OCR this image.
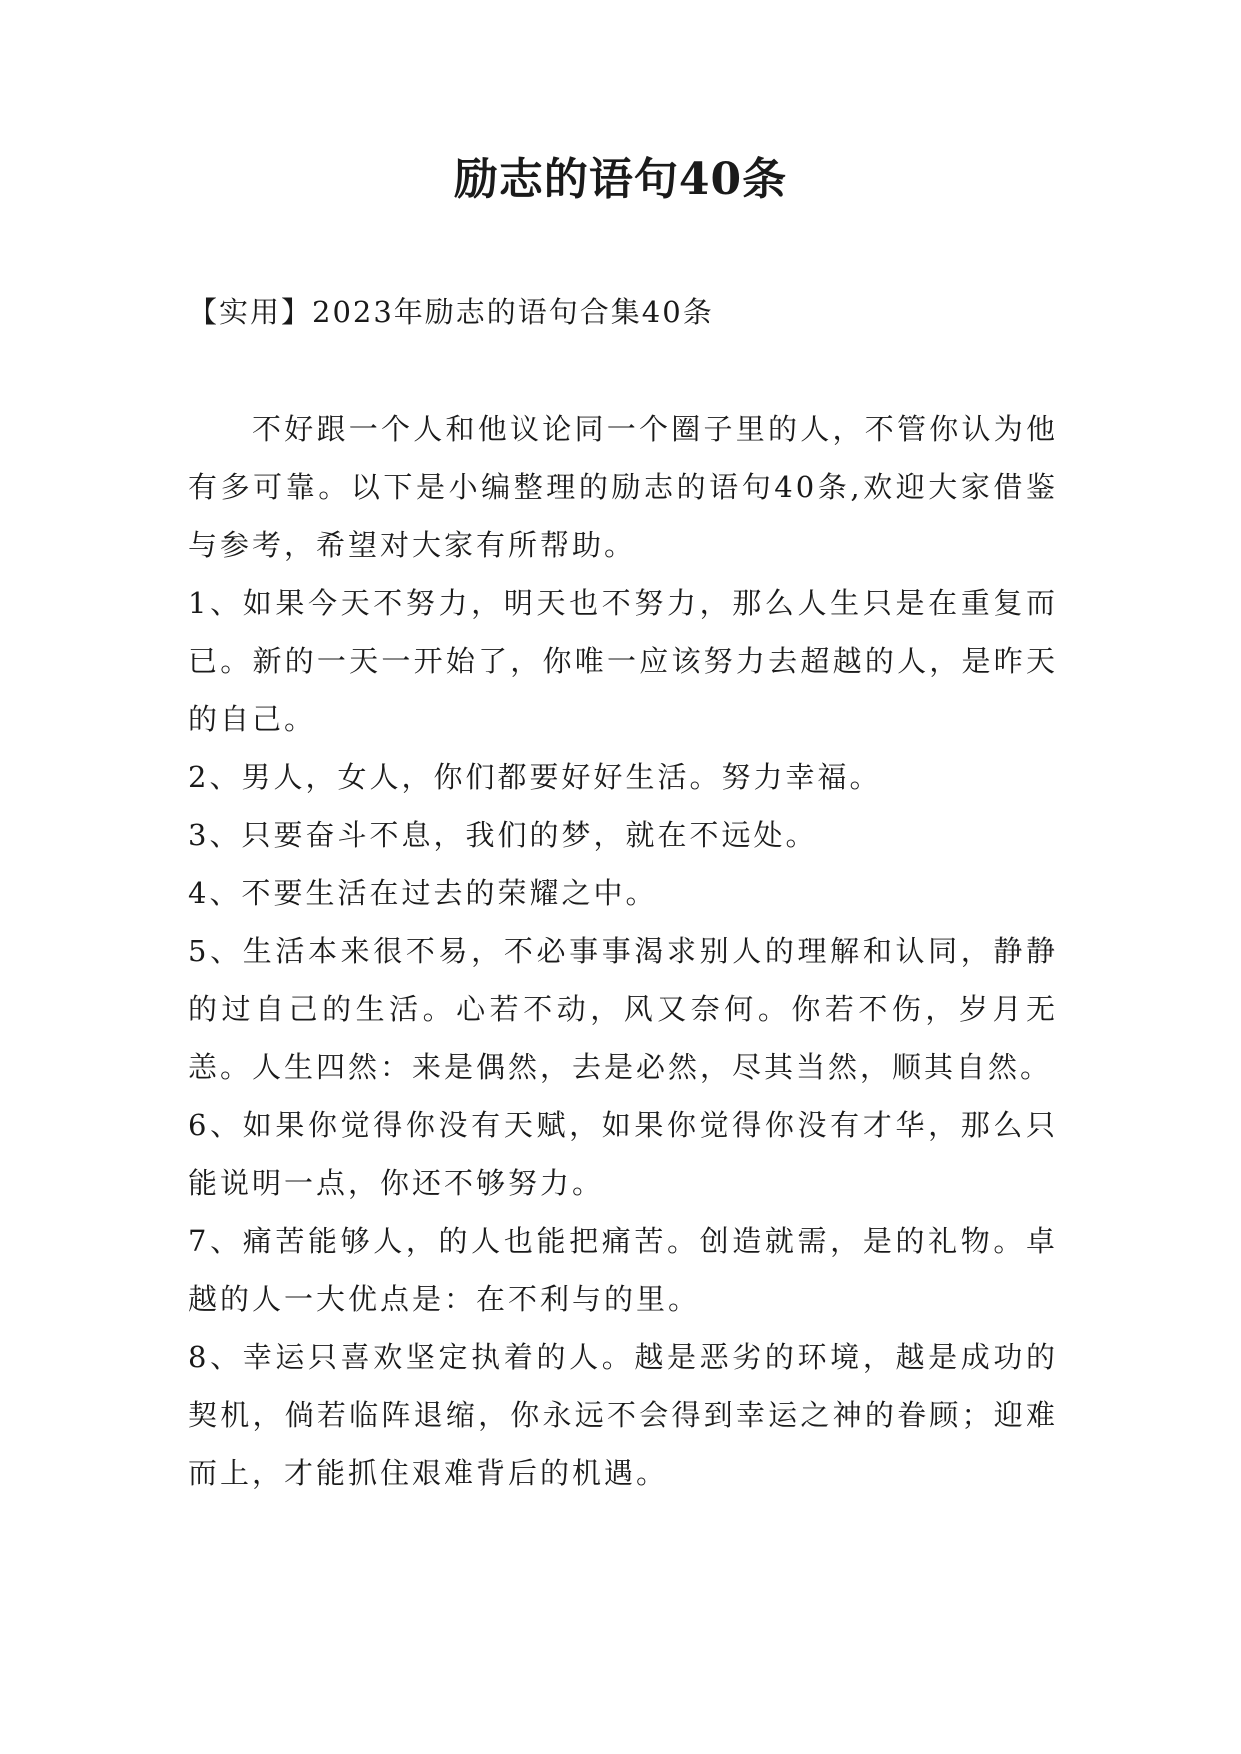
励志的语句40条
【实用】2023年励志的语句合集40条

不好跟一个人和他议论同一个圈子里的人，不管你认为他有多可靠。以下是小编整理的励志的语句40条,欢迎大家借鉴与参考，希望对大家有所帮助。

1、如果今天不努力，明天也不努力，那么人生只是在重复而已。新的一天一开始了，你唯一应该努力去超越的人，是昨天的自己。

2、男人，女人，你们都要好好生活。努力幸福。

3、只要奋斗不息，我们的梦，就在不远处。

4、不要生活在过去的荣耀之中。

5、生活本来很不易，不必事事渴求别人的理解和认同，静静的过自己的生活。心若不动，风又奈何。你若不伤，岁月无恙。人生四然：来是偶然，去是必然，尽其当然，顺其自然。

6、如果你觉得你没有天赋，如果你觉得你没有才华，那么只能说明一点，你还不够努力。

7、痛苦能够人，的人也能把痛苦。创造就需，是的礼物。卓越的人一大优点是：在不利与的里。

8、幸运只喜欢坚定执着的人。越是恶劣的环境，越是成功的契机，倘若临阵退缩，你永远不会得到幸运之神的眷顾；迎难而上，才能抓住艰难背后的机遇。
